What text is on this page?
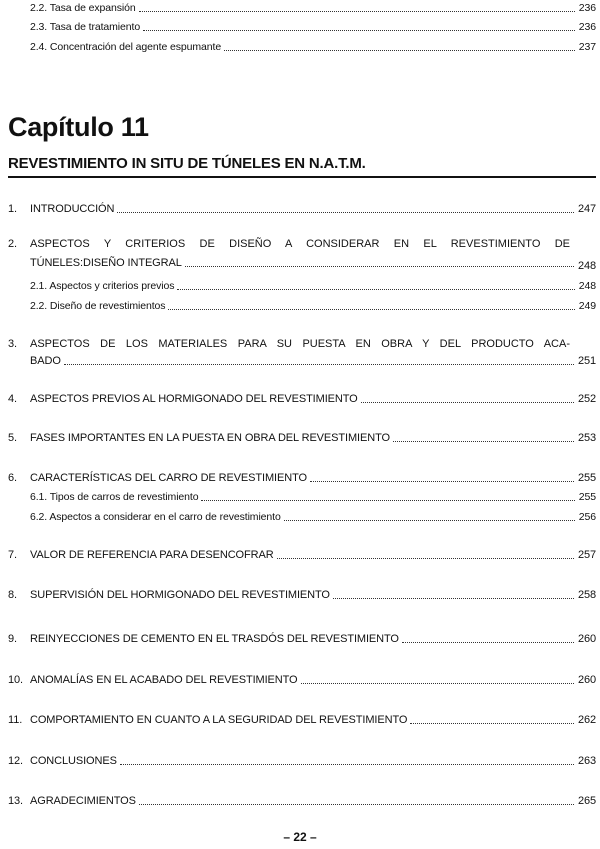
2.2. Tasa de expansión	236
2.3. Tasa de tratamiento	236
2.4. Concentración del agente espumante	237
Capítulo 11
REVESTIMIENTO IN SITU DE TÚNELES EN N.A.T.M.
1.	INTRODUCCIÓN	247
2.	ASPECTOS Y CRITERIOS DE DISEÑO A CONSIDERAR EN EL REVESTIMIENTO DE
TÚNELES:DISEÑO INTEGRAL	248
2.1. Aspectos y criterios previos	248
2.2. Diseño de revestimientos	249
3.	ASPECTOS DE LOS MATERIALES PARA SU PUESTA EN OBRA Y DEL PRODUCTO ACA-
BADO	251
4.	ASPECTOS PREVIOS AL HORMIGONADO DEL REVESTIMIENTO	252
5.	FASES IMPORTANTES EN LA PUESTA EN OBRA DEL REVESTIMIENTO	253
6.	CARACTERÍSTICAS DEL CARRO DE REVESTIMIENTO	255
6.1. Tipos de carros de revestimiento	255
6.2. Aspectos a considerar en el carro de revestimiento	256
7.	VALOR DE REFERENCIA PARA DESENCOFRAR	257
8.	SUPERVISIÓN DEL HORMIGONADO DEL REVESTIMIENTO	258
9.	REINYECCIONES DE CEMENTO EN EL TRASDÓS DEL REVESTIMIENTO	260
10. ANOMALÍAS EN EL ACABADO DEL REVESTIMIENTO	260
11. COMPORTAMIENTO EN CUANTO A LA SEGURIDAD DEL REVESTIMIENTO	262
12. CONCLUSIONES	263
13. AGRADECIMIENTOS	265
– 22 –
